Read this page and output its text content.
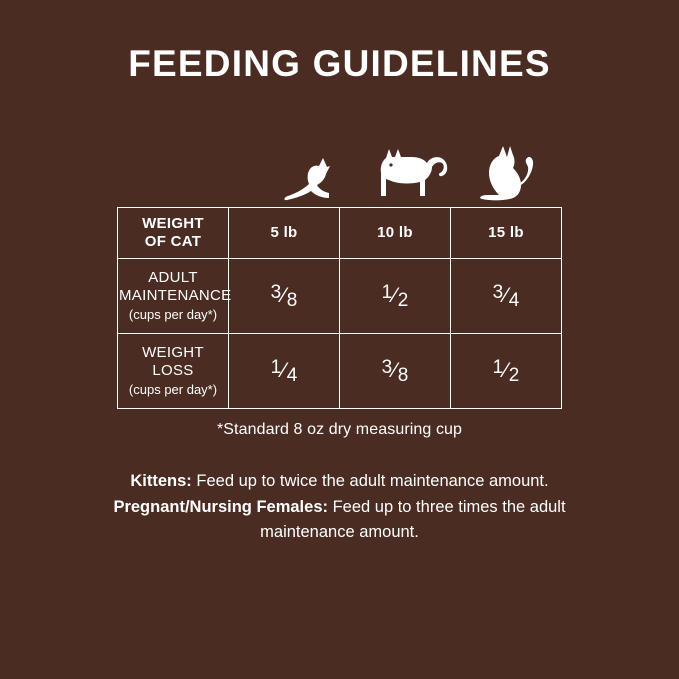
FEEDING GUIDELINES
WEIGHT
OF CAT	5 lb	10 lb	15 lb
ADULT
MAINTENANCE
(cups per day*)	3⁄8	1⁄2	3⁄4
WEIGHT
LOSS
(cups per day*)	1⁄4	3⁄8	1⁄2
*Standard 8 oz dry measuring cup
Kittens: Feed up to twice the adult maintenance amount.
Pregnant/Nursing Females: Feed up to three times the adult
maintenance amount.
